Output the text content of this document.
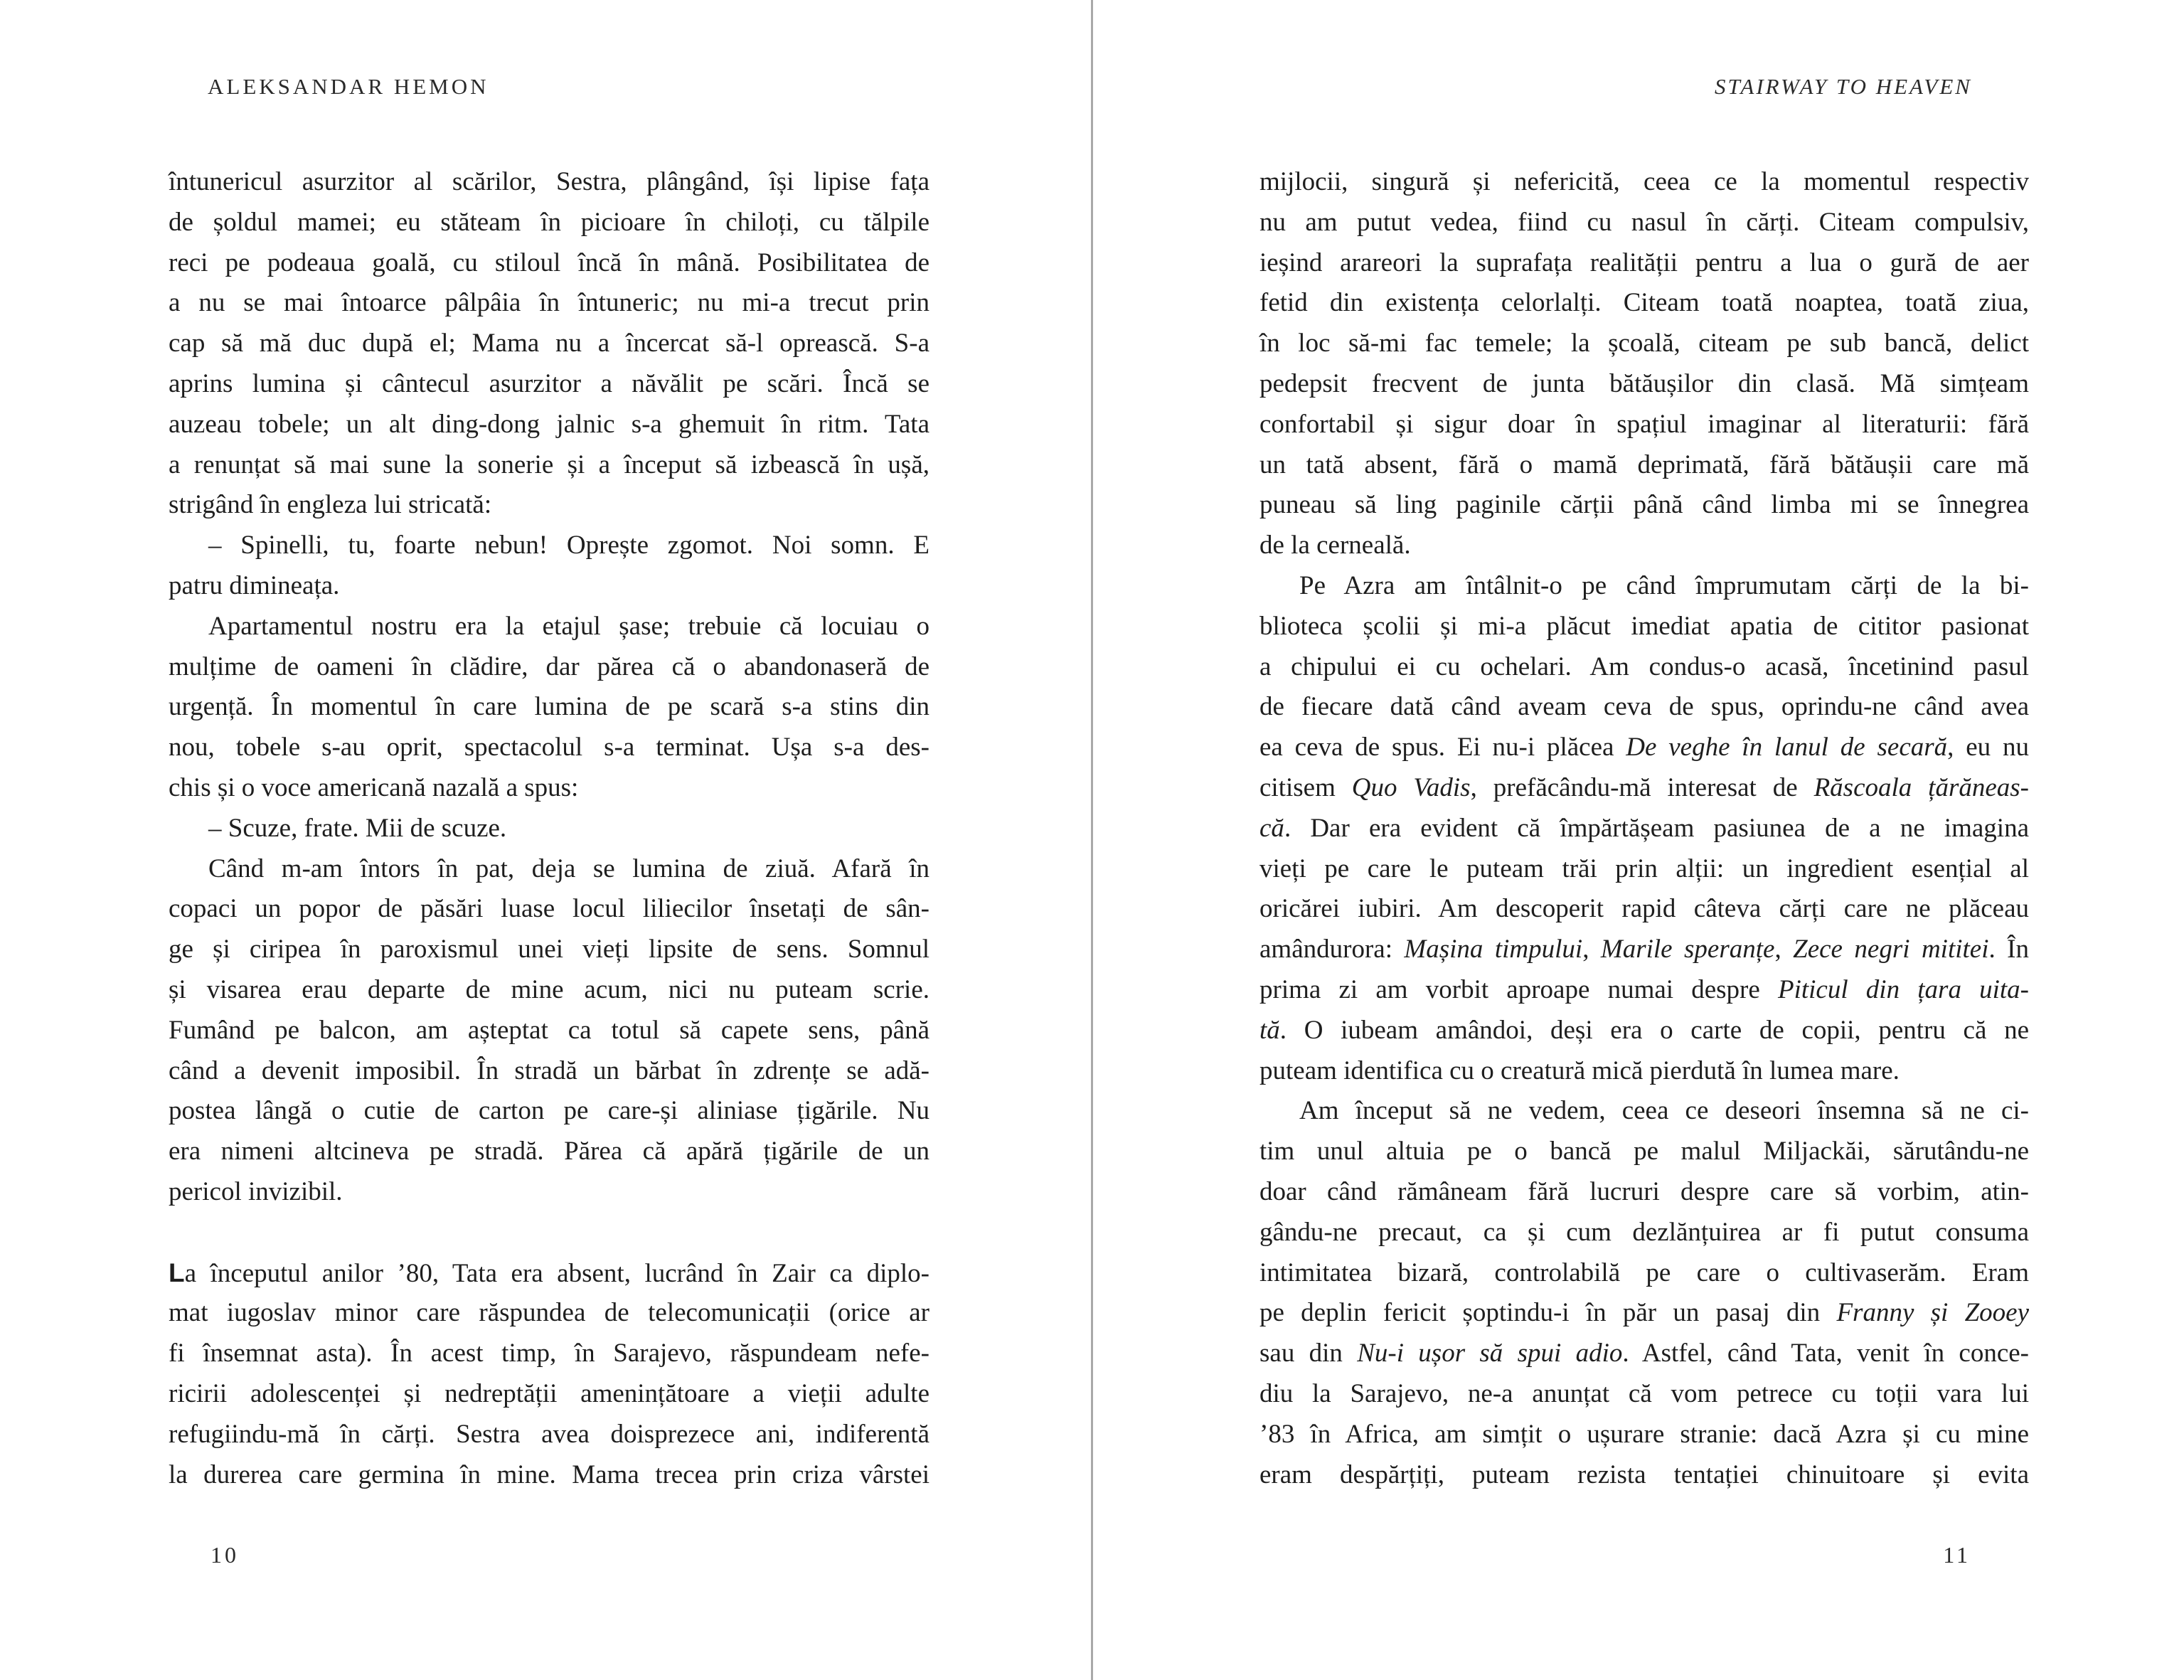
ALEKSANDAR HEMON
întunericul asurzitor al scărilor, Sestra, plângând, își lipise fața
de șoldul mamei; eu stăteam în picioare în chiloți, cu tălpile
reci pe podeaua goală, cu stiloul încă în mână. Posibilitatea de
a nu se mai întoarce pâlpâia în întuneric; nu mi-a trecut prin
cap să mă duc după el; Mama nu a încercat să-l oprească. S-a
aprins lumina și cântecul asurzitor a năvălit pe scări. Încă se
auzeau tobele; un alt ding-dong jalnic s-a ghemuit în ritm. Tata
a renunțat să mai sune la sonerie și a început să izbească în ușă,
strigând în engleza lui stricată:
– Spinelli, tu, foarte nebun! Oprește zgomot. Noi somn. E
patru dimineața.
Apartamentul nostru era la etajul șase; trebuie că locuiau o
mulțime de oameni în clădire, dar părea că o abandonaseră de
urgență. În momentul în care lumina de pe scară s-a stins din
nou, tobele s-au oprit, spectacolul s-a terminat. Ușa s-a des-
chis și o voce americană nazală a spus:
– Scuze, frate. Mii de scuze.
Când m-am întors în pat, deja se lumina de ziuă. Afară în
copaci un popor de păsări luase locul liliecilor însetați de sân-
ge și ciripea în paroxismul unei vieți lipsite de sens. Somnul
și visarea erau departe de mine acum, nici nu puteam scrie.
Fumând pe balcon, am așteptat ca totul să capete sens, până
când a devenit imposibil. În stradă un bărbat în zdrențe se adă-
postea lângă o cutie de carton pe care-și aliniase țigările. Nu
era nimeni altcineva pe stradă. Părea că apără țigările de un
pericol invizibil.
La începutul anilor ’80, Tata era absent, lucrând în Zair ca diplo-
mat iugoslav minor care răspundea de telecomunicații (orice ar
fi însemnat asta). În acest timp, în Sarajevo, răspundeam nefe-
ricirii adolescenței și nedreptății amenințătoare a vieții adulte
refugiindu-mă în cărți. Sestra avea doisprezece ani, indiferentă
la durerea care germina în mine. Mama trecea prin criza vârstei
10
STAIRWAY TO HEAVEN
mijlocii, singură și nefericită, ceea ce la momentul respectiv
nu am putut vedea, fiind cu nasul în cărți. Citeam compulsiv,
ieșind arareori la suprafața realității pentru a lua o gură de aer
fetid din existența celorlalți. Citeam toată noaptea, toată ziua,
în loc să-mi fac temele; la școală, citeam pe sub bancă, delict
pedepsit frecvent de junta bătăușilor din clasă. Mă simțeam
confortabil și sigur doar în spațiul imaginar al literaturii: fără
un tată absent, fără o mamă deprimată, fără bătăușii care mă
puneau să ling paginile cărții până când limba mi se înnegrea
de la cerneală.
Pe Azra am întâlnit-o pe când împrumutam cărți de la bi-
blioteca școlii și mi-a plăcut imediat apatia de cititor pasionat
a chipului ei cu ochelari. Am condus-o acasă, încetinind pasul
de fiecare dată când aveam ceva de spus, oprindu-ne când avea
ea ceva de spus. Ei nu-i plăcea De veghe în lanul de secară, eu nu
citisem Quo Vadis, prefăcându-mă interesat de Răscoala țărăneas-
că. Dar era evident că împărtășeam pasiunea de a ne imagina
vieți pe care le puteam trăi prin alții: un ingredient esențial al
oricărei iubiri. Am descoperit rapid câteva cărți care ne plăceau
amândurora: Mașina timpului, Marile speranțe, Zece negri mititei. În
prima zi am vorbit aproape numai despre Piticul din țara uita-
tă. O iubeam amândoi, deși era o carte de copii, pentru că ne
puteam identifica cu o creatură mică pierdută în lumea mare.
Am început să ne vedem, ceea ce deseori însemna să ne ci-
tim unul altuia pe o bancă pe malul Miljackăi, sărutându-ne
doar când rămâneam fără lucruri despre care să vorbim, atin-
gându-ne precaut, ca și cum dezlănțuirea ar fi putut consuma
intimitatea bizară, controlabilă pe care o cultivaserăm. Eram
pe deplin fericit șoptindu-i în păr un pasaj din Franny și Zooey
sau din Nu-i ușor să spui adio. Astfel, când Tata, venit în conce-
diu la Sarajevo, ne-a anunțat că vom petrece cu toții vara lui
’83 în Africa, am simțit o ușurare stranie: dacă Azra și cu mine
eram despărțiți, puteam rezista tentației chinuitoare și evita
11
